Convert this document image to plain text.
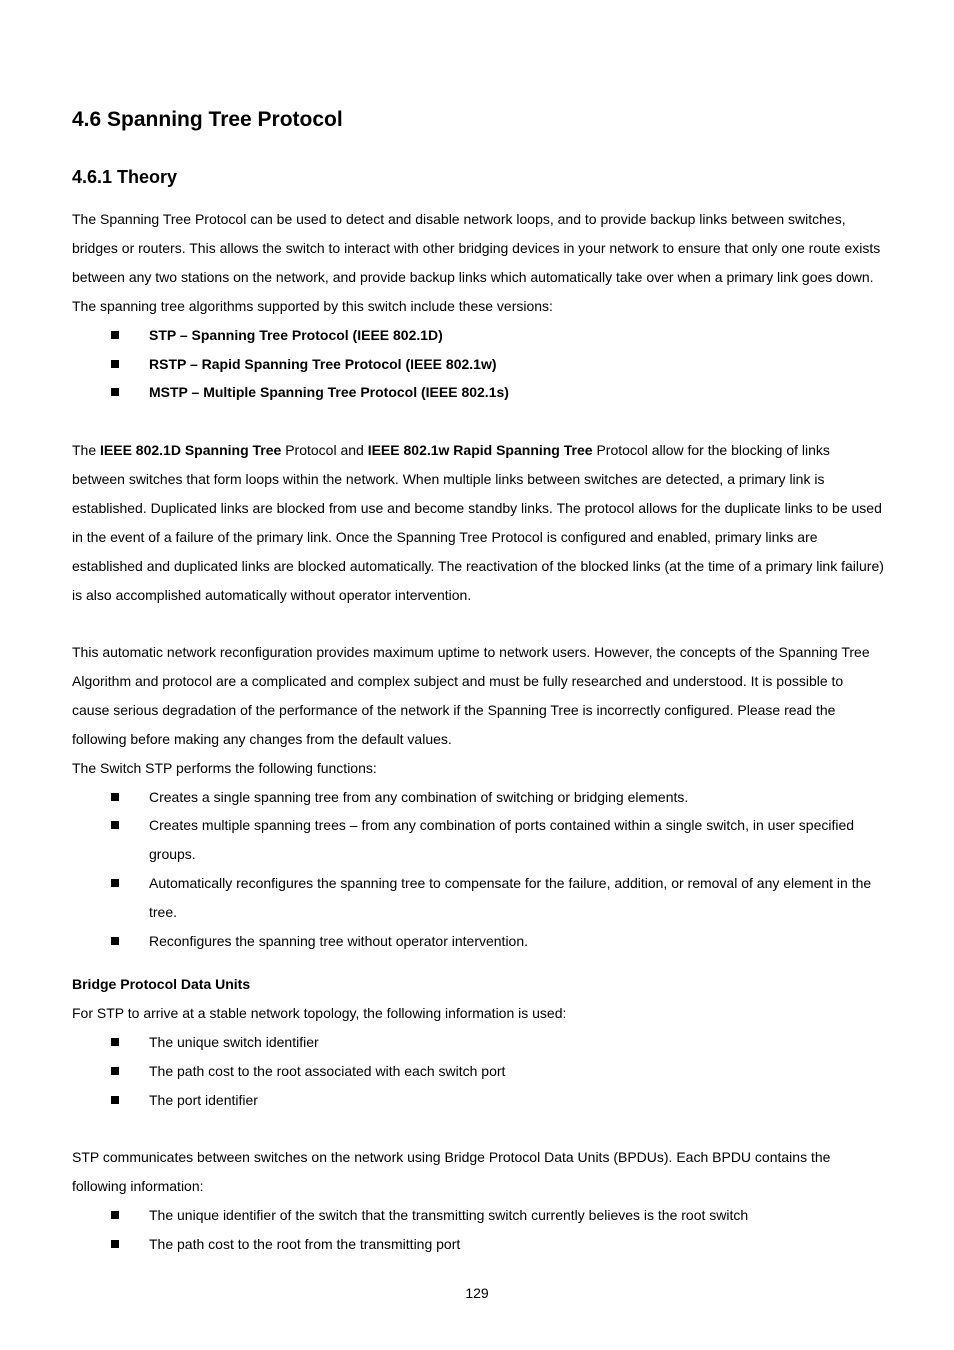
4.6 Spanning Tree Protocol
4.6.1 Theory

The Spanning Tree Protocol can be used to detect and disable network loops, and to provide backup links between switches, bridges or routers. This allows the switch to interact with other bridging devices in your network to ensure that only one route exists between any two stations on the network, and provide backup links which automatically take over when a primary link goes down. The spanning tree algorithms supported by this switch include these versions:

STP – Spanning Tree Protocol (IEEE 802.1D)
RSTP – Rapid Spanning Tree Protocol (IEEE 802.1w)
MSTP – Multiple Spanning Tree Protocol (IEEE 802.1s)

The IEEE 802.1D Spanning Tree Protocol and IEEE 802.1w Rapid Spanning Tree Protocol allow for the blocking of links between switches that form loops within the network. When multiple links between switches are detected, a primary link is established. Duplicated links are blocked from use and become standby links. The protocol allows for the duplicate links to be used in the event of a failure of the primary link. Once the Spanning Tree Protocol is configured and enabled, primary links are established and duplicated links are blocked automatically. The reactivation of the blocked links (at the time of a primary link failure) is also accomplished automatically without operator intervention.

This automatic network reconfiguration provides maximum uptime to network users. However, the concepts of the Spanning Tree Algorithm and protocol are a complicated and complex subject and must be fully researched and understood. It is possible to cause serious degradation of the performance of the network if the Spanning Tree is incorrectly configured. Please read the following before making any changes from the default values.

The Switch STP performs the following functions:

Creates a single spanning tree from any combination of switching or bridging elements.
Creates multiple spanning trees – from any combination of ports contained within a single switch, in user specified groups.
Automatically reconfigures the spanning tree to compensate for the failure, addition, or removal of any element in the tree.
Reconfigures the spanning tree without operator intervention.

Bridge Protocol Data Units

For STP to arrive at a stable network topology, the following information is used:

The unique switch identifier
The path cost to the root associated with each switch port
The port identifier

STP communicates between switches on the network using Bridge Protocol Data Units (BPDUs). Each BPDU contains the following information:

The unique identifier of the switch that the transmitting switch currently believes is the root switch
The path cost to the root from the transmitting port
129
